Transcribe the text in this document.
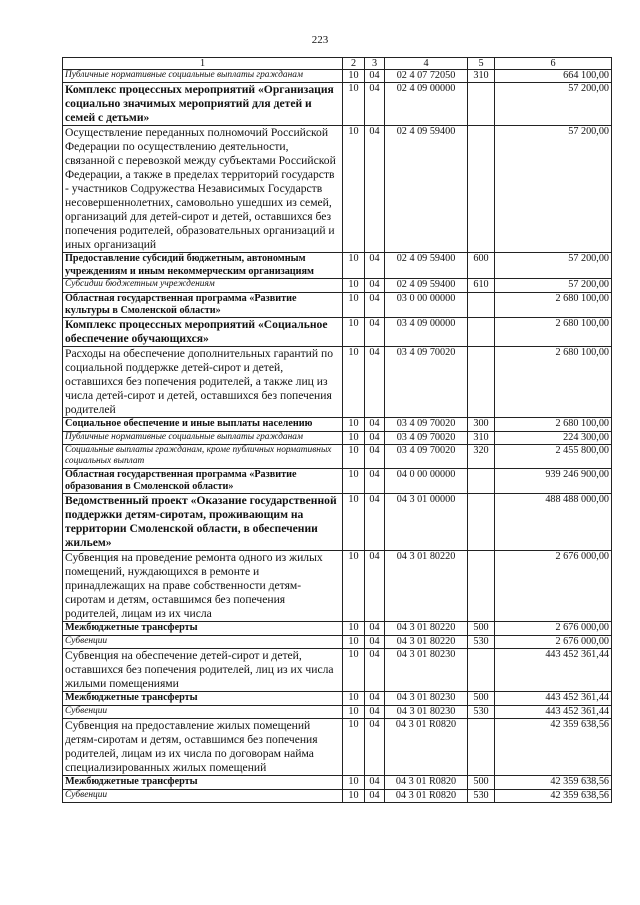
223
1	2	3	4	5	6
Публичные нормативные социальные выплаты гражданам	10	04	02 4 07 72050	310	664 100,00
Комплекс процессных мероприятий «Организация социально значимых мероприятий для детей и семей с детьми»	10	04	02 4 09 00000		57 200,00
Осуществление переданных полномочий Российской Федерации по осуществлению деятельности, связанной с перевозкой между субъектами Российской Федерации, а также в пределах территорий государств - участников Содружества Независимых Государств несовершеннолетних, самовольно ушедших из семей, организаций для детей-сирот и детей, оставшихся без попечения родителей, образовательных организаций и иных организаций	10	04	02 4 09 59400		57 200,00
Предоставление субсидий бюджетным, автономным учреждениям и иным некоммерческим организациям	10	04	02 4 09 59400	600	57 200,00
Субсидии бюджетным учреждениям	10	04	02 4 09 59400	610	57 200,00
Областная государственная программа «Развитие культуры в Смоленской области»	10	04	03 0 00 00000		2 680 100,00
Комплекс процессных мероприятий «Социальное обеспечение обучающихся»	10	04	03 4 09 00000		2 680 100,00
Расходы на обеспечение дополнительных гарантий по социальной поддержке детей-сирот и детей, оставшихся без попечения родителей, а также лиц из числа детей-сирот и детей, оставшихся без попечения родителей	10	04	03 4 09 70020		2 680 100,00
Социальное обеспечение и иные выплаты населению	10	04	03 4 09 70020	300	2 680 100,00
Публичные нормативные социальные выплаты гражданам	10	04	03 4 09 70020	310	224 300,00
Социальные выплаты гражданам, кроме публичных нормативных социальных выплат	10	04	03 4 09 70020	320	2 455 800,00
Областная государственная программа «Развитие образования в Смоленской области»	10	04	04 0 00 00000		939 246 900,00
Ведомственный проект «Оказание государственной поддержки детям-сиротам, проживающим на территории Смоленской области, в обеспечении жильем»	10	04	04 3 01 00000		488 488 000,00
Субвенция на проведение ремонта одного из жилых помещений, нуждающихся в ремонте и принадлежащих на праве собственности детям-сиротам и детям, оставшимся без попечения родителей, лицам из их числа	10	04	04 3 01 80220		2 676 000,00
Межбюджетные трансферты	10	04	04 3 01 80220	500	2 676 000,00
Субвенции	10	04	04 3 01 80220	530	2 676 000,00
Субвенция на обеспечение детей-сирот и детей, оставшихся без попечения родителей, лиц из их числа жилыми помещениями	10	04	04 3 01 80230		443 452 361,44
Межбюджетные трансферты	10	04	04 3 01 80230	500	443 452 361,44
Субвенции	10	04	04 3 01 80230	530	443 452 361,44
Субвенция на предоставление жилых помещений детям-сиротам и детям, оставшимся без попечения родителей, лицам из их числа по договорам найма специализированных жилых помещений	10	04	04 3 01 R0820		42 359 638,56
Межбюджетные трансферты	10	04	04 3 01 R0820	500	42 359 638,56
Субвенции	10	04	04 3 01 R0820	530	42 359 638,56
